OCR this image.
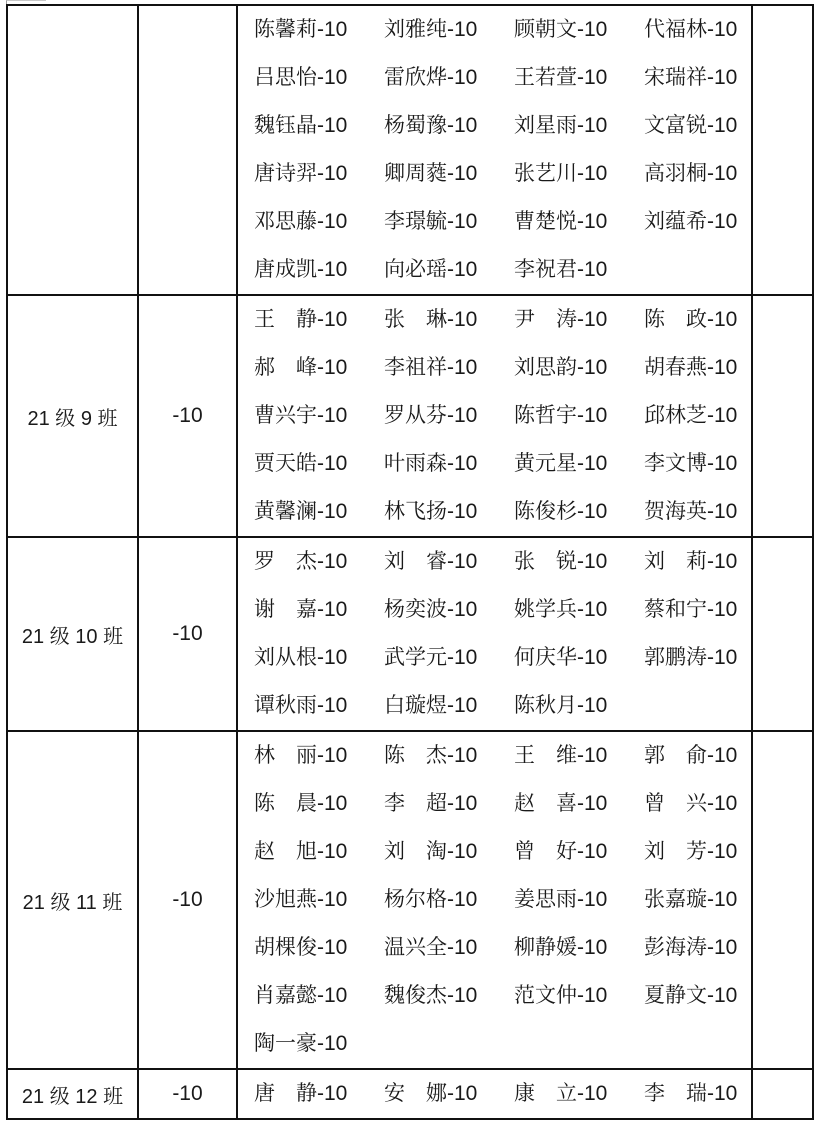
陈馨莉-10	刘雅纯-10	顾朝文-10	代福林-10
吕思怡-10	雷欣烨-10	王若萱-10	宋瑞祥-10
魏钰晶-10	杨蜀豫-10	刘星雨-10	文富锐-10
唐诗羿-10	卿周蕤-10	张艺川-10	高羽桐-10
邓思藤-10	李璟毓-10	曹楚悦-10	刘蕴希-10
唐成凯-10	向必瑶-10	李祝君-10
21 级 9 班	-10
王　静-10	张　琳-10	尹　涛-10	陈　政-10
郝　峰-10	李祖祥-10	刘思韵-10	胡春燕-10
曹兴宇-10	罗从芬-10	陈哲宇-10	邱林芝-10
贾天皓-10	叶雨森-10	黄元星-10	李文博-10
黄馨澜-10	林飞扬-10	陈俊杉-10	贺海英-10
21 级 10 班	-10
罗　杰-10	刘　睿-10	张　锐-10	刘　莉-10
谢　嘉-10	杨奕波-10	姚学兵-10	蔡和宁-10
刘从根-10	武学元-10	何庆华-10	郭鹏涛-10
谭秋雨-10	白璇煜-10	陈秋月-10
21 级 11 班	-10
林　丽-10	陈　杰-10	王　维-10	郭　俞-10
陈　晨-10	李　超-10	赵　喜-10	曾　兴-10
赵　旭-10	刘　淘-10	曾　好-10	刘　芳-10
沙旭燕-10	杨尔格-10	姜思雨-10	张嘉璇-10
胡棵俊-10	温兴全-10	柳静媛-10	彭海涛-10
肖嘉懿-10	魏俊杰-10	范文仲-10	夏静文-10
陶一豪-10
21 级 12 班	-10	唐　静-10	安　娜-10	康　立-10	李　瑞-10
